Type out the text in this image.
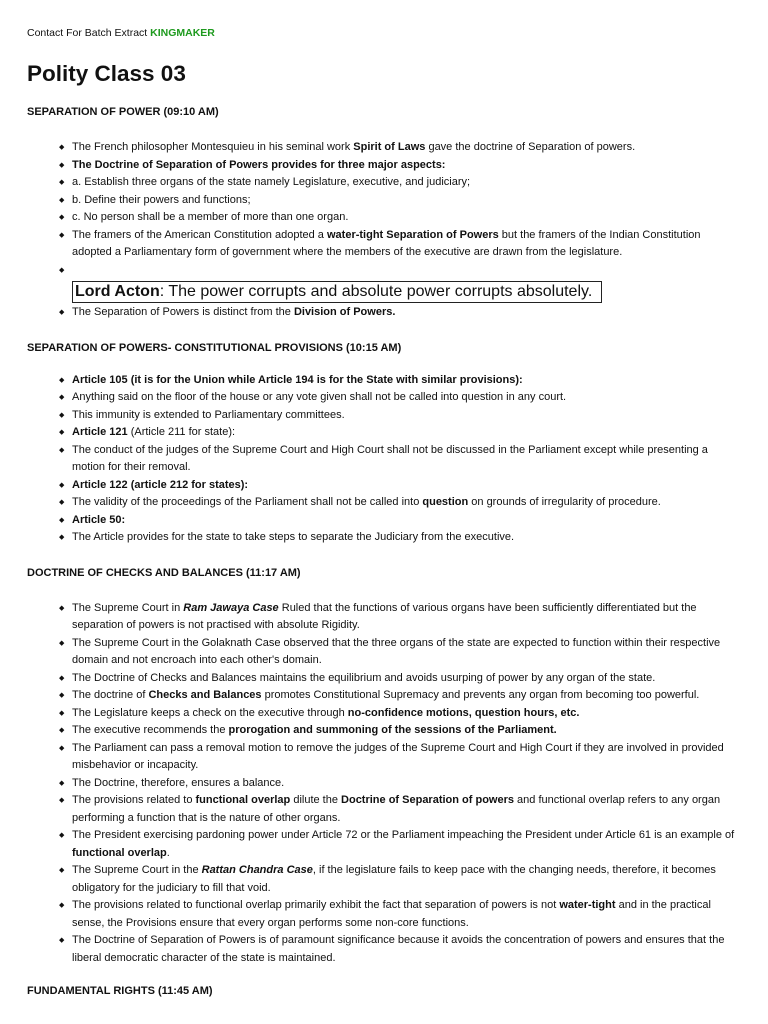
Contact For Batch Extract KINGMAKER
Polity Class 03
SEPARATION OF POWER (09:10 AM)
◆ The French philosopher Montesquieu in his seminal work Spirit of Laws gave the doctrine of Separation of powers.
◆ The Doctrine of Separation of Powers provides for three major aspects:
◆ a. Establish three organs of the state namely Legislature, executive, and judiciary;
◆ b. Define their powers and functions;
◆ c. No person shall be a member of more than one organ.
◆ The framers of the American Constitution adopted a water-tight Separation of Powers but the framers of the Indian Constitution adopted a Parliamentary form of government where the members of the executive are drawn from the legislature.
◆
Lord Acton: The power corrupts and absolute power corrupts absolutely.
◆ The Separation of Powers is distinct from the Division of Powers.
SEPARATION OF POWERS- CONSTITUTIONAL PROVISIONS (10:15 AM)
◆ Article 105 (it is for the Union while Article 194 is for the State with similar provisions):
◆ Anything said on the floor of the house or any vote given shall not be called into question in any court.
◆ This immunity is extended to Parliamentary committees.
◆ Article 121 (Article 211 for state):
◆ The conduct of the judges of the Supreme Court and High Court shall not be discussed in the Parliament except while presenting a motion for their removal.
◆ Article 122 (article 212 for states):
◆ The validity of the proceedings of the Parliament shall not be called into question on grounds of irregularity of procedure.
◆ Article 50:
◆ The Article provides for the state to take steps to separate the Judiciary from the executive.
DOCTRINE OF CHECKS AND BALANCES (11:17 AM)
◆ The Supreme Court in Ram Jawaya Case Ruled that the functions of various organs have been sufficiently differentiated but the separation of powers is not practised with absolute Rigidity.
◆ The Supreme Court in the Golaknath Case observed that the three organs of the state are expected to function within their respective domain and not encroach into each other's domain.
◆ The Doctrine of Checks and Balances maintains the equilibrium and avoids usurping of power by any organ of the state.
◆ The doctrine of Checks and Balances promotes Constitutional Supremacy and prevents any organ from becoming too powerful.
◆ The Legislature keeps a check on the executive through no-confidence motions, question hours, etc.
◆ The executive recommends the prorogation and summoning of the sessions of the Parliament.
◆ The Parliament can pass a removal motion to remove the judges of the Supreme Court and High Court if they are involved in provided misbehavior or incapacity.
◆ The Doctrine, therefore, ensures a balance.
◆ The provisions related to functional overlap dilute the Doctrine of Separation of powers and functional overlap refers to any organ performing a function that is the nature of other organs.
◆ The President exercising pardoning power under Article 72 or the Parliament impeaching the President under Article 61 is an example of functional overlap.
◆ The Supreme Court in the Rattan Chandra Case, if the legislature fails to keep pace with the changing needs, therefore, it becomes obligatory for the judiciary to fill that void.
◆ The provisions related to functional overlap primarily exhibit the fact that separation of powers is not water-tight and in the practical sense, the Provisions ensure that every organ performs some non-core functions.
◆ The Doctrine of Separation of Powers is of paramount significance because it avoids the concentration of powers and ensures that the liberal democratic character of the state is maintained.
FUNDAMENTAL RIGHTS (11:45 AM)
